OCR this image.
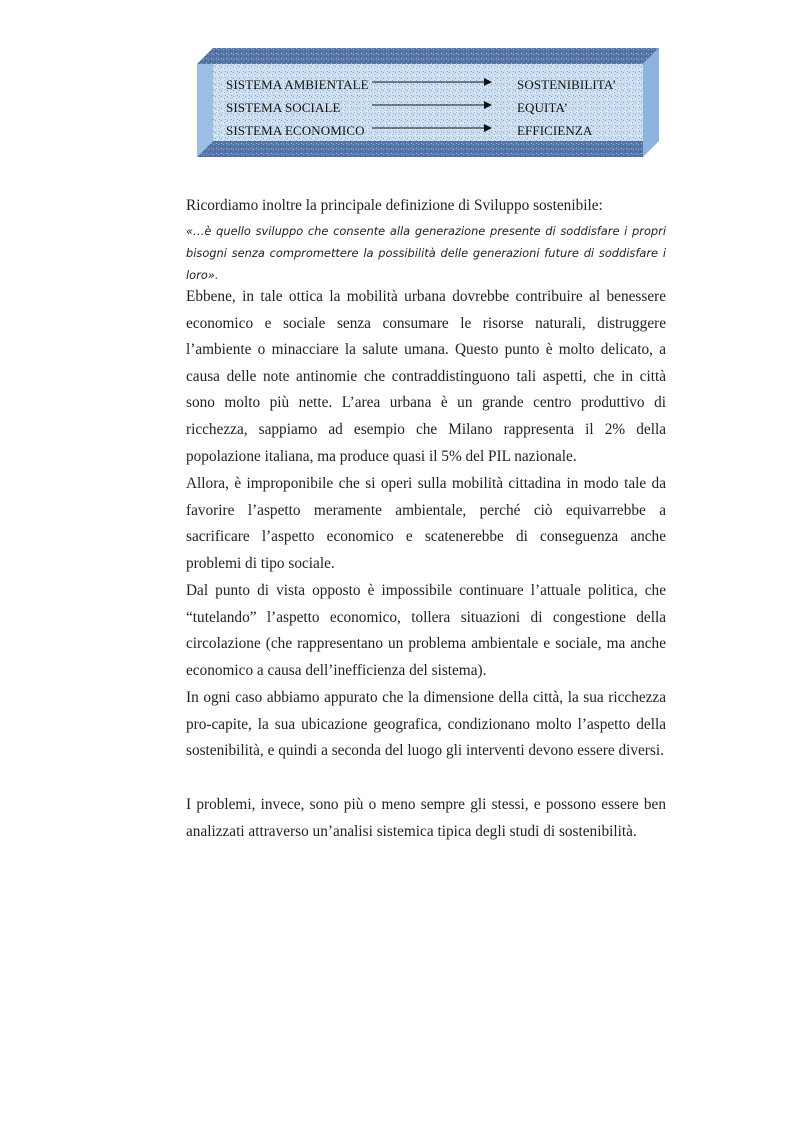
SISTEMA AMBIENTALE	SOSTENIBILITA’
SISTEMA SOCIALE	EQUITA’
SISTEMA ECONOMICO	EFFICIENZA

Ricordiamo inoltre la principale definizione di Sviluppo sostenibile:

«…è quello sviluppo che consente alla generazione presente di soddisfare i propri bisogni senza compromettere la possibilità delle generazioni future di soddisfare i loro».

Ebbene, in tale ottica la mobilità urbana dovrebbe contribuire al benessere economico e sociale senza consumare le risorse naturali, distruggere l’ambiente o minacciare la salute umana. Questo punto è molto delicato, a causa delle note antinomie che contraddistinguono tali aspetti, che in città sono molto più nette. L’area urbana è un grande centro produttivo di ricchezza, sappiamo ad esempio che Milano rappresenta il 2% della popolazione italiana, ma produce quasi il 5% del PIL nazionale.

Allora, è improponibile che si operi sulla mobilità cittadina in modo tale da favorire l’aspetto meramente ambientale, perché ciò equivarrebbe a sacrificare l’aspetto economico e scatenerebbe di conseguenza anche problemi di tipo sociale.

Dal punto di vista opposto è impossibile continuare l’attuale politica, che “tutelando” l’aspetto economico, tollera situazioni di congestione della circolazione (che rappresentano un problema ambientale e sociale, ma anche economico a causa dell’inefficienza del sistema).

In ogni caso abbiamo appurato che la dimensione della città, la sua ricchezza pro-capite, la sua ubicazione geografica, condizionano molto l’aspetto della sostenibilità, e quindi a seconda del luogo gli interventi devono essere diversi.

I problemi, invece, sono più o meno sempre gli stessi, e possono essere ben analizzati attraverso un’analisi sistemica tipica degli studi di sostenibilità.
